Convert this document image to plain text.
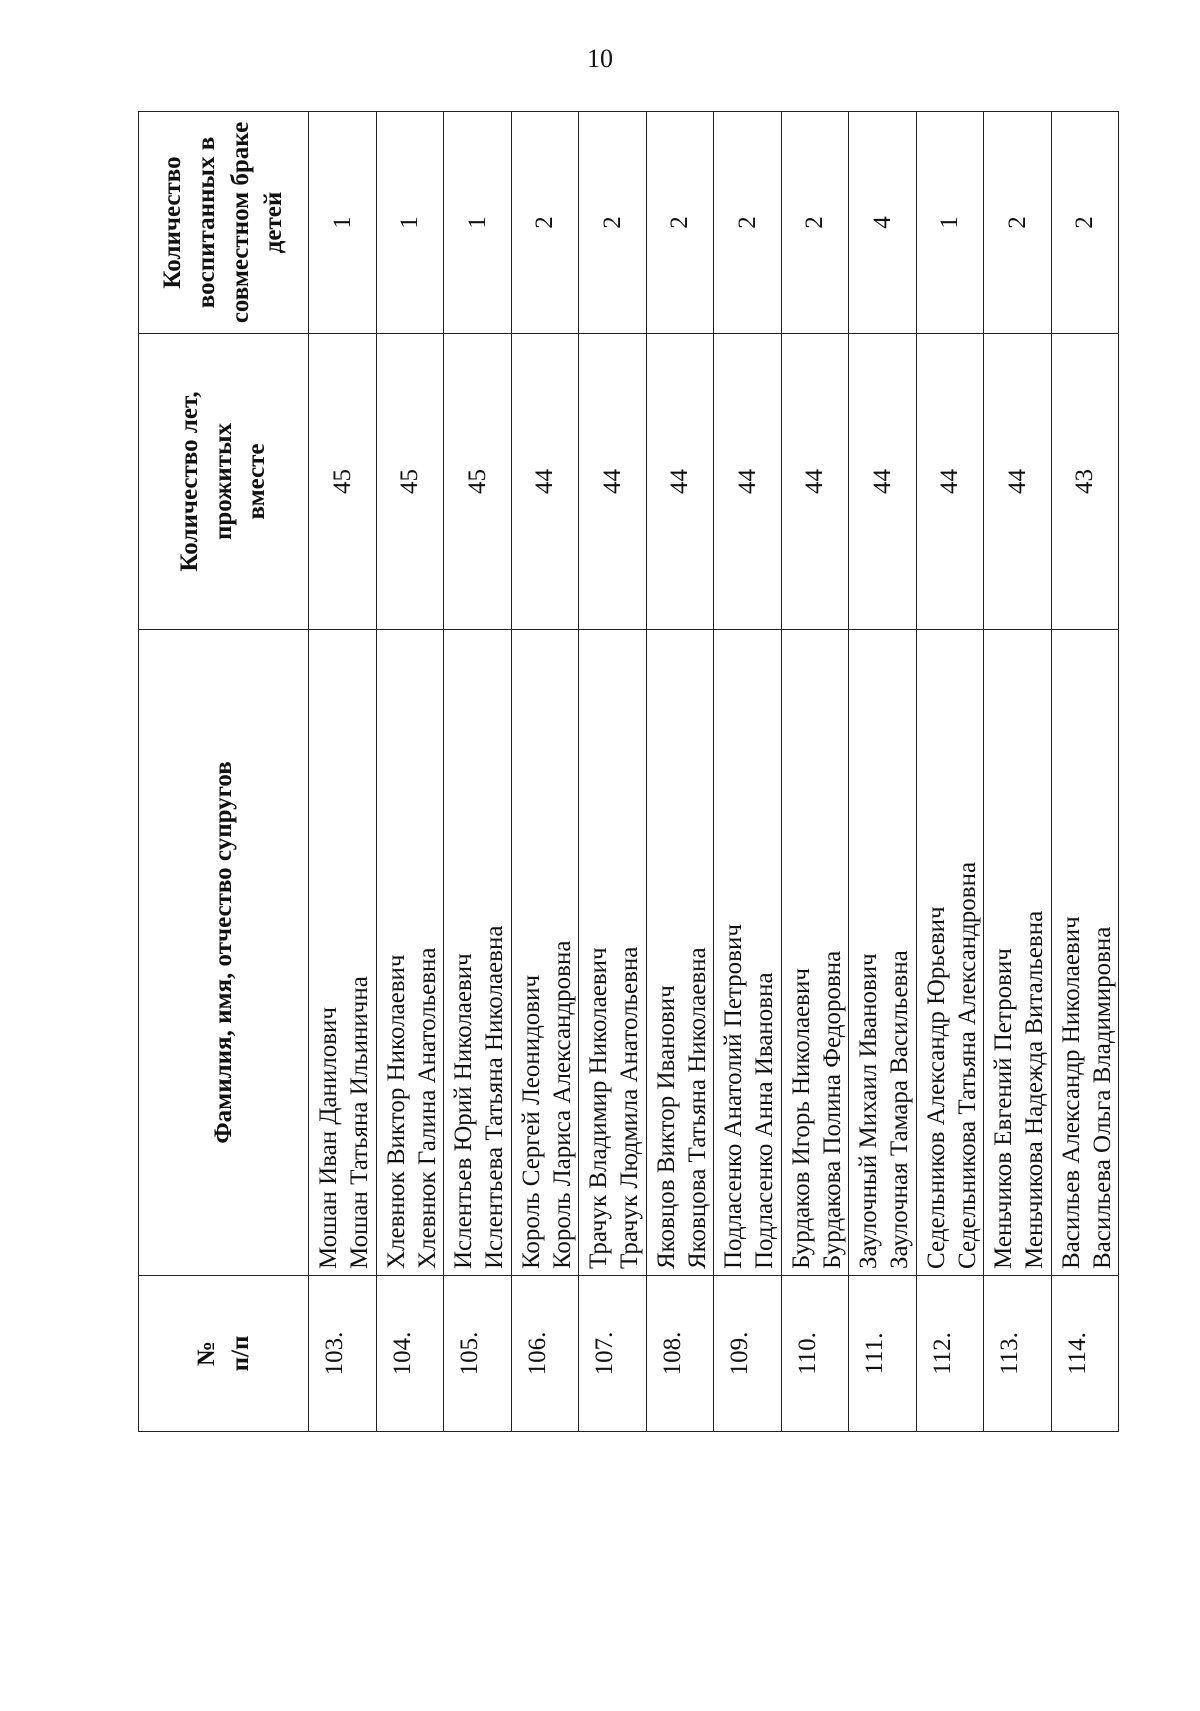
10
№ п/п	Фамилия, имя, отчество супругов	Количество лет, прожитых вместе	Количество воспитанных в совместном браке детей

103.	Мошан Иван Данилович Мошан Татьяна Ильинична	45	1
104.	Хлевнюк Виктор Николаевич Хлевнюк Галина Анатольевна	45	1
105.	Ислентьев Юрий Николаевич Ислентьева Татьяна Николаевна	45	1
106.	Король Сергей Леонидович Король Лариса Александровна	44	2
107.	Трачук Владимир Николаевич Трачук Людмила Анатольевна	44	2
108.	Яковцов Виктор Иванович Яковцова Татьяна Николаевна	44	2
109.	Подласенко Анатолий Петрович Подласенко Анна Ивановна	44	2
110.	Бурдаков Игорь Николаевич Бурдакова Полина Федоровна	44	2
111.	Заулочный Михаил Иванович Заулочная Тамара Васильевна	44	4
112.	Седельников Александр Юрьевич Седельникова Татьяна Александровна	44	1
113.	Меньчиков Евгений Петрович Меньчикова Надежда Витальевна	44	2
114.	Васильев Александр Николаевич Васильева Ольга Владимировна	43	2
